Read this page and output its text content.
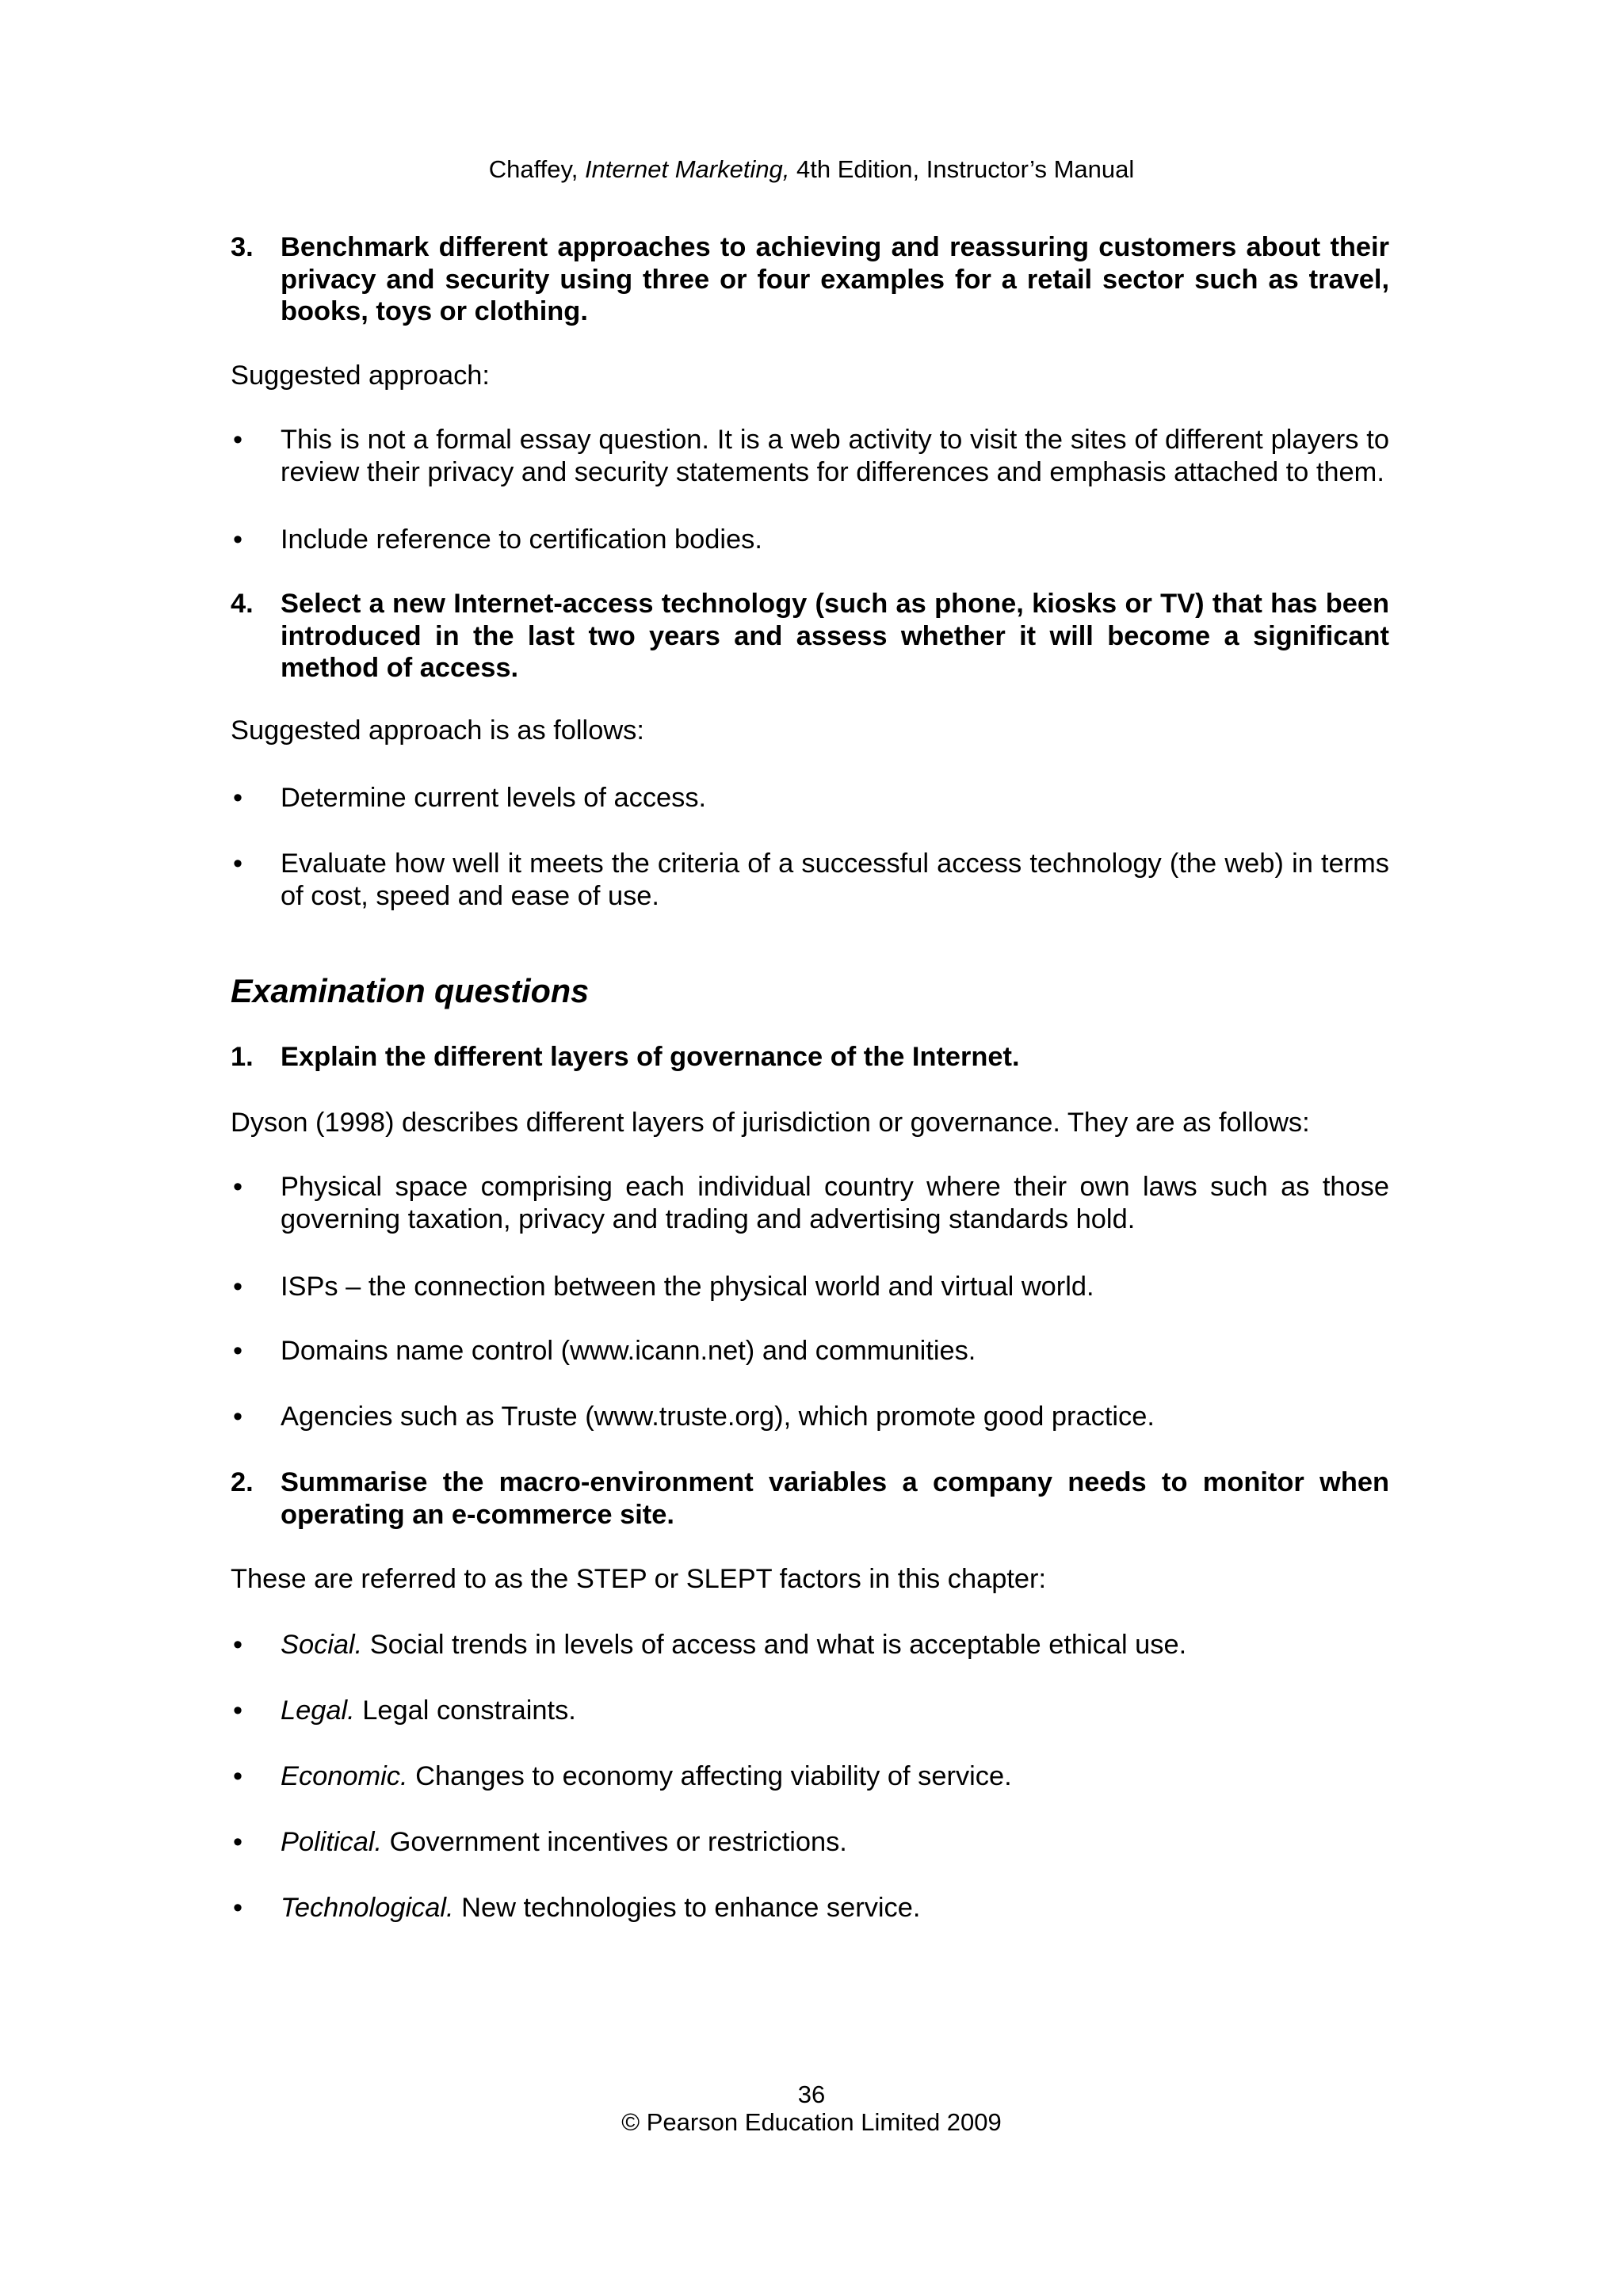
Chaffey, Internet Marketing, 4th Edition, Instructor’s Manual
3. Benchmark different approaches to achieving and reassuring customers about their privacy and security using three or four examples for a retail sector such as travel, books, toys or clothing.
Suggested approach:
•
This is not a formal essay question. It is a web activity to visit the sites of different players to review their privacy and security statements for differences and emphasis attached to them.
•
Include reference to certification bodies.
4. Select a new Internet-access technology (such as phone, kiosks or TV) that has been introduced in the last two years and assess whether it will become a significant method of access.
Suggested approach is as follows:
•
Determine current levels of access.
•
Evaluate how well it meets the criteria of a successful access technology (the web) in terms of cost, speed and ease of use.
Examination questions
1. Explain the different layers of governance of the Internet.
Dyson (1998) describes different layers of jurisdiction or governance. They are as follows:
•
Physical space comprising each individual country where their own laws such as those governing taxation, privacy and trading and advertising standards hold.
•
ISPs – the connection between the physical world and virtual world.
•
Domains name control (www.icann.net) and communities.
•
Agencies such as Truste (www.truste.org), which promote good practice.
2. Summarise the macro-environment variables a company needs to monitor when operating an e-commerce site.
These are referred to as the STEP or SLEPT factors in this chapter:
•
Social. Social trends in levels of access and what is acceptable ethical use.
•
Legal. Legal constraints.
•
Economic. Changes to economy affecting viability of service.
•
Political. Government incentives or restrictions.
•
Technological. New technologies to enhance service.
36
© Pearson Education Limited 2009
